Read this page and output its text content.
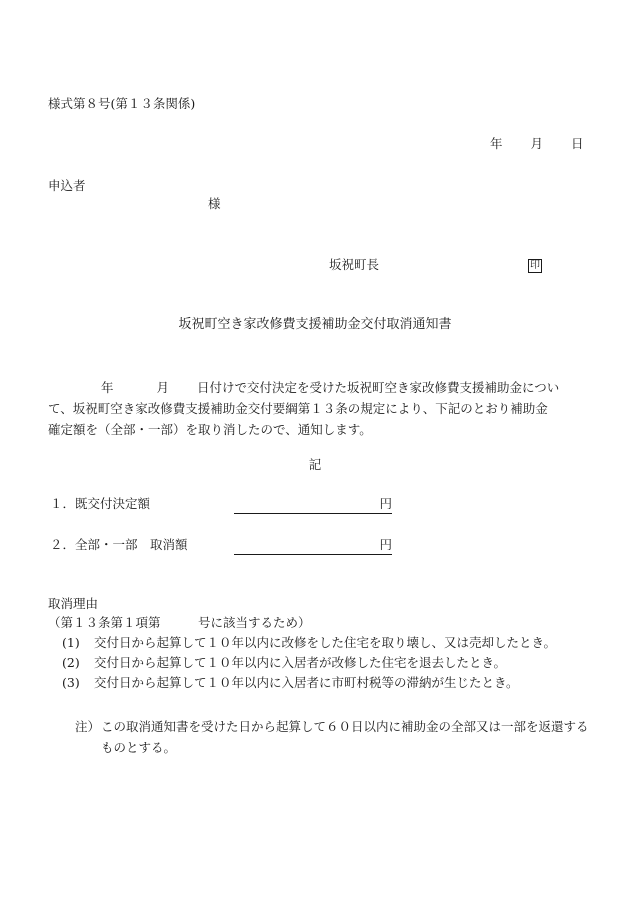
様式第８号(第１３条関係)
年 月 日
申込者
様
坂祝町長	印
坂祝町空き家改修費支援補助金交付取消通知書
年	月 日付けで交付決定を受けた坂祝町空き家改修費支援補助金につい
て、坂祝町空き家改修費支援補助金交付要綱第１３条の規定により、下記のとおり補助金
確定額を（全部・一部）を取り消したので、通知します。
記
１．既交付決定額	円
２．全部・一部　取消額	円
取消理由
（第１３条第１項第　　　号に該当するため）
(1) 交付日から起算して１０年以内に改修をした住宅を取り壊し、又は売却したとき。
(2) 交付日から起算して１０年以内に入居者が改修した住宅を退去したとき。
(3) 交付日から起算して１０年以内に入居者に市町村税等の滞納が生じたとき。
注）この取消通知書を受けた日から起算して６０日以内に補助金の全部又は一部を返還するものとする。
